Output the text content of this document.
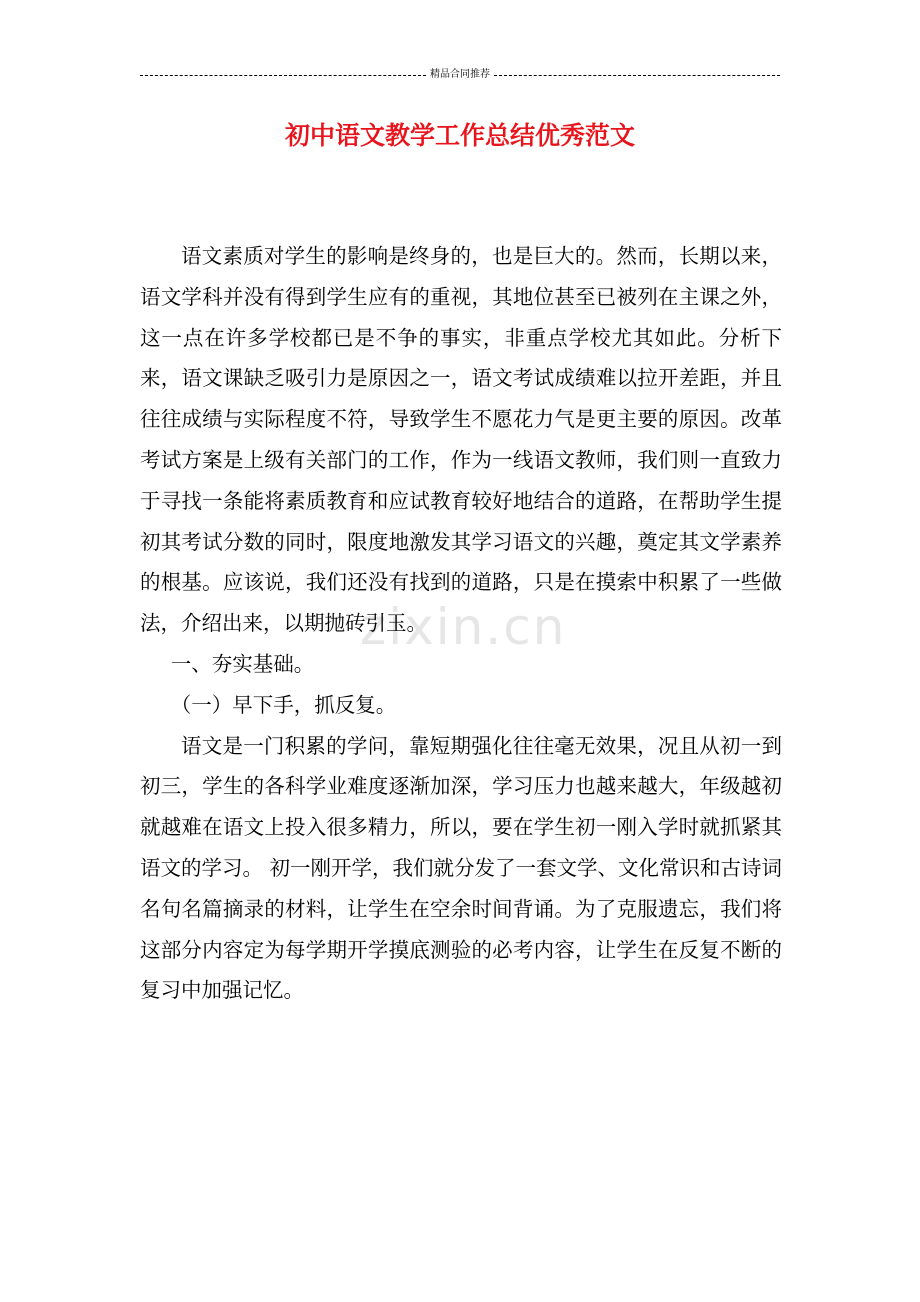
精品合同推荐
初中语文教学工作总结优秀范文
zixin.cn

语文素质对学生的影响是终身的，也是巨大的。然而，长期以来，语文学科并没有得到学生应有的重视，其地位甚至已被列在主课之外，这一点在许多学校都已是不争的事实，非重点学校尤其如此。分析下来，语文课缺乏吸引力是原因之一，语文考试成绩难以拉开差距，并且往往成绩与实际程度不符，导致学生不愿花力气是更主要的原因。改革考试方案是上级有关部门的工作，作为一线语文教师，我们则一直致力于寻找一条能将素质教育和应试教育较好地结合的道路，在帮助学生提初其考试分数的同时，限度地激发其学习语文的兴趣，奠定其文学素养的根基。应该说，我们还没有找到的道路，只是在摸索中积累了一些做法，介绍出来，以期抛砖引玉。

一、夯实基础。

（一）早下手，抓反复。

语文是一门积累的学问，靠短期强化往往毫无效果，况且从初一到初三，学生的各科学业难度逐渐加深，学习压力也越来越大，年级越初就越难在语文上投入很多精力，所以，要在学生初一刚入学时就抓紧其语文的学习。 初一刚开学，我们就分发了一套文学、文化常识和古诗词名句名篇摘录的材料，让学生在空余时间背诵。为了克服遗忘，我们将这部分内容定为每学期开学摸底测验的必考内容，让学生在反复不断的复习中加强记忆。
